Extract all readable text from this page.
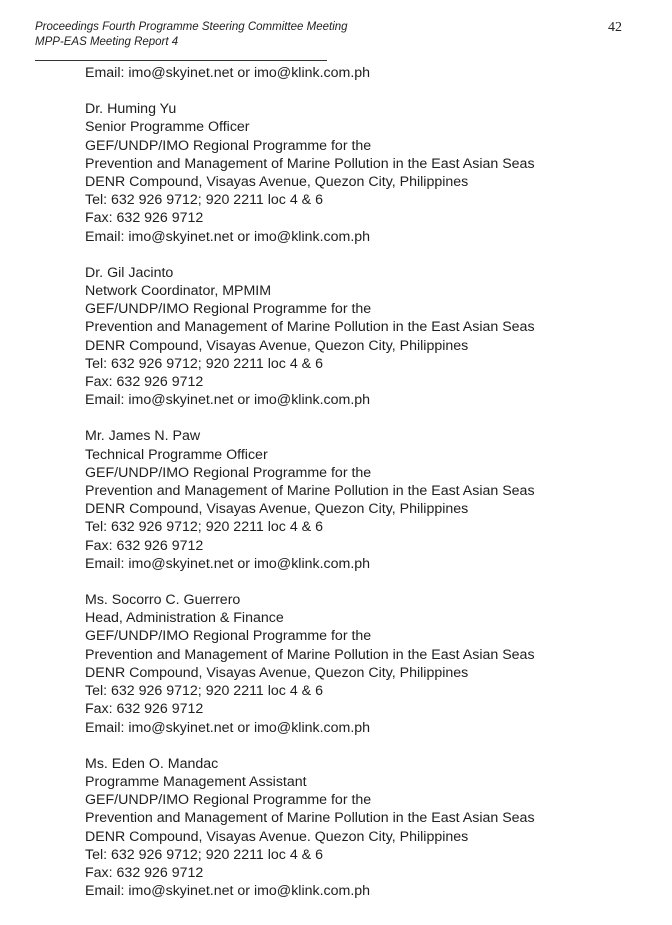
Proceedings Fourth Programme Steering Committee Meeting
MPP-EAS Meeting Report 4
42
Email: imo@skyinet.net or imo@klink.com.ph
Dr. Huming Yu
Senior Programme Officer
GEF/UNDP/IMO Regional Programme for the
Prevention and Management of Marine Pollution in the East Asian Seas
DENR Compound, Visayas Avenue, Quezon City, Philippines
Tel: 632 926 9712; 920 2211 loc 4 & 6
Fax: 632 926 9712
Email: imo@skyinet.net or imo@klink.com.ph
Dr. Gil Jacinto
Network Coordinator, MPMIM
GEF/UNDP/IMO Regional Programme for the
Prevention and Management of Marine Pollution in the East Asian Seas
DENR Compound, Visayas Avenue, Quezon City, Philippines
Tel: 632 926 9712; 920 2211 loc 4 & 6
Fax: 632 926 9712
Email: imo@skyinet.net or imo@klink.com.ph
Mr. James N. Paw
Technical Programme Officer
GEF/UNDP/IMO Regional Programme for the
Prevention and Management of Marine Pollution in the East Asian Seas
DENR Compound, Visayas Avenue, Quezon City, Philippines
Tel: 632 926 9712; 920 2211 loc 4 & 6
Fax: 632 926 9712
Email: imo@skyinet.net or imo@klink.com.ph
Ms. Socorro C. Guerrero
Head, Administration & Finance
GEF/UNDP/IMO Regional Programme for the
Prevention and Management of Marine Pollution in the East Asian Seas
DENR Compound, Visayas Avenue, Quezon City, Philippines
Tel: 632 926 9712; 920 2211 loc 4 & 6
Fax: 632 926 9712
Email: imo@skyinet.net or imo@klink.com.ph
Ms. Eden O. Mandac
Programme Management Assistant
GEF/UNDP/IMO Regional Programme for the
Prevention and Management of Marine Pollution in the East Asian Seas
DENR Compound, Visayas Avenue. Quezon City, Philippines
Tel: 632 926 9712; 920 2211 loc 4 & 6
Fax: 632 926 9712
Email: imo@skyinet.net or imo@klink.com.ph
